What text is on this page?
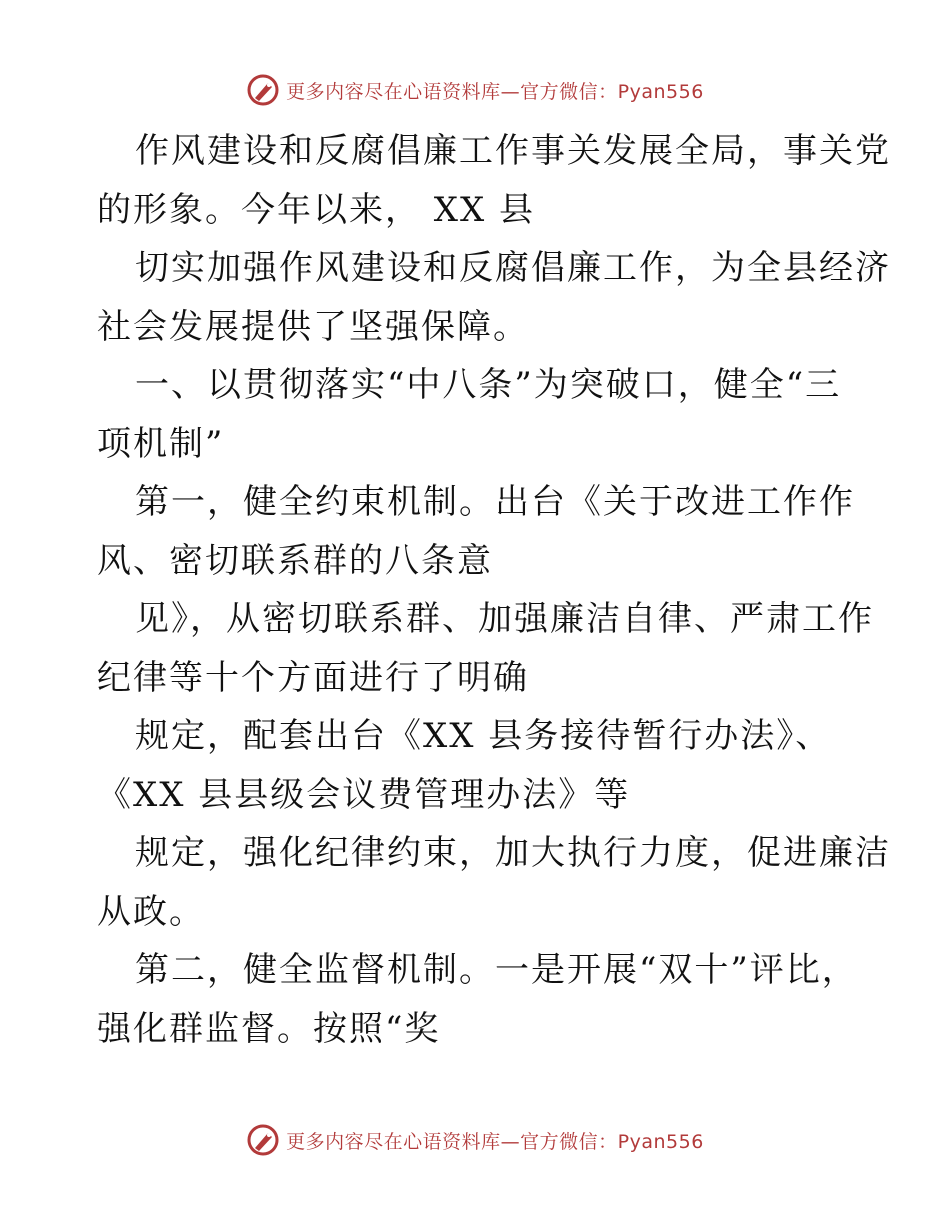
更多内容尽在心语资料库—官方微信：Pyan556

作风建设和反腐倡廉工作事关发展全局，事关党
的形象。今年以来， XX 县

切实加强作风建设和反腐倡廉工作，为全县经济
社会发展提供了坚强保障。

一、以贯彻落实“中八条”为突破口，健全“三
项机制”

第一，健全约束机制。出台《关于改进工作作
风、密切联系群的八条意

见》，从密切联系群、加强廉洁自律、严肃工作
纪律等十个方面进行了明确

规定，配套出台《XX 县务接待暂行办法》、
《XX 县县级会议费管理办法》等

规定，强化纪律约束，加大执行力度，促进廉洁
从政。

第二，健全监督机制。一是开展“双十”评比，
强化群监督。按照“奖

更多内容尽在心语资料库—官方微信：Pyan556
